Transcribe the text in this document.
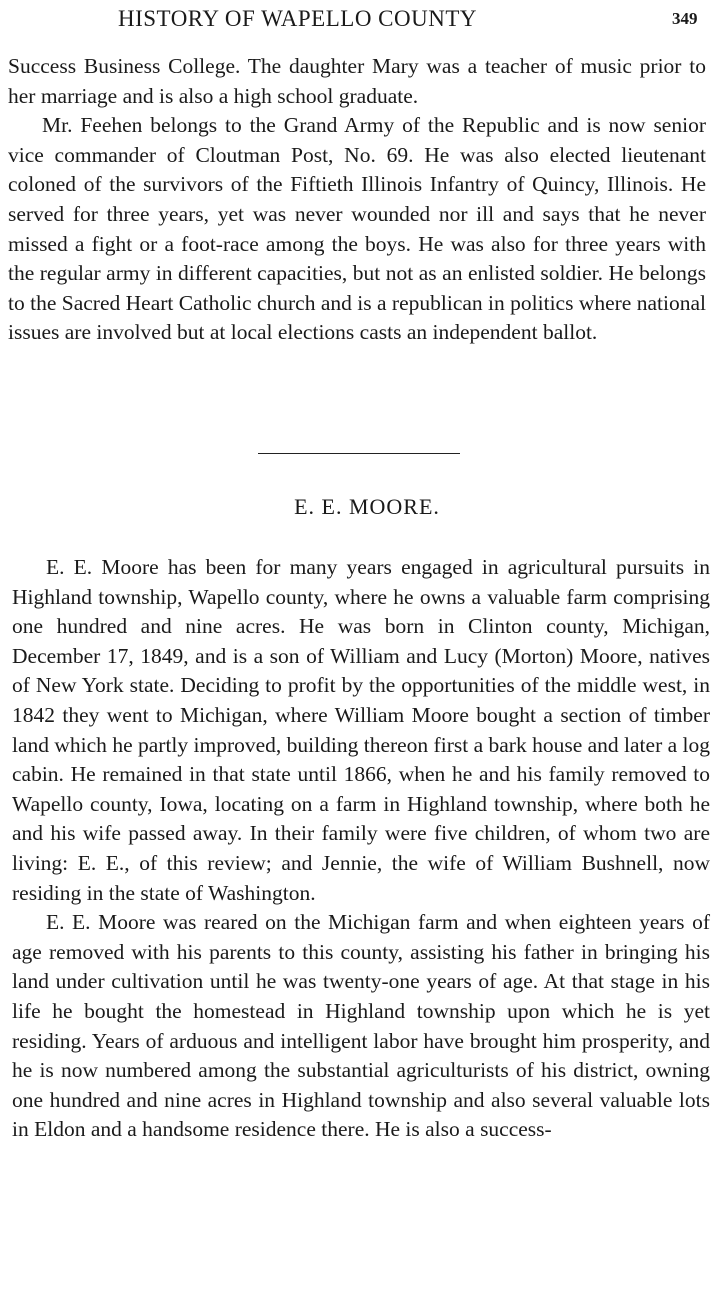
HISTORY OF WAPELLO COUNTY	349

Success Business College. The daughter Mary was a teacher of music prior to her marriage and is also a high school graduate.

Mr. Feehen belongs to the Grand Army of the Republic and is now senior vice commander of Cloutman Post, No. 69. He was also elected lieutenant coloned of the survivors of the Fiftieth Illinois Infantry of Quincy, Illinois. He served for three years, yet was never wounded nor ill and says that he never missed a fight or a foot-race among the boys. He was also for three years with the regular army in different capacities, but not as an enlisted soldier. He belongs to the Sacred Heart Catholic church and is a republican in politics where national issues are involved but at local elections casts an independent ballot.

E. E. MOORE.

E. E. Moore has been for many years engaged in agricultural pursuits in Highland township, Wapello county, where he owns a valuable farm comprising one hundred and nine acres. He was born in Clinton county, Michigan, December 17, 1849, and is a son of William and Lucy (Morton) Moore, natives of New York state. Deciding to profit by the opportunities of the middle west, in 1842 they went to Michigan, where William Moore bought a section of timber land which he partly improved, building thereon first a bark house and later a log cabin. He remained in that state until 1866, when he and his family removed to Wapello county, Iowa, locating on a farm in Highland township, where both he and his wife passed away. In their family were five children, of whom two are living: E. E., of this review; and Jennie, the wife of William Bushnell, now residing in the state of Washington.

E. E. Moore was reared on the Michigan farm and when eighteen years of age removed with his parents to this county, assisting his father in bringing his land under cultivation until he was twenty-one years of age. At that stage in his life he bought the homestead in Highland township upon which he is yet residing. Years of arduous and intelligent labor have brought him prosperity, and he is now numbered among the substantial agriculturists of his district, owning one hundred and nine acres in Highland township and also several valuable lots in Eldon and a handsome residence there. He is also a success-
